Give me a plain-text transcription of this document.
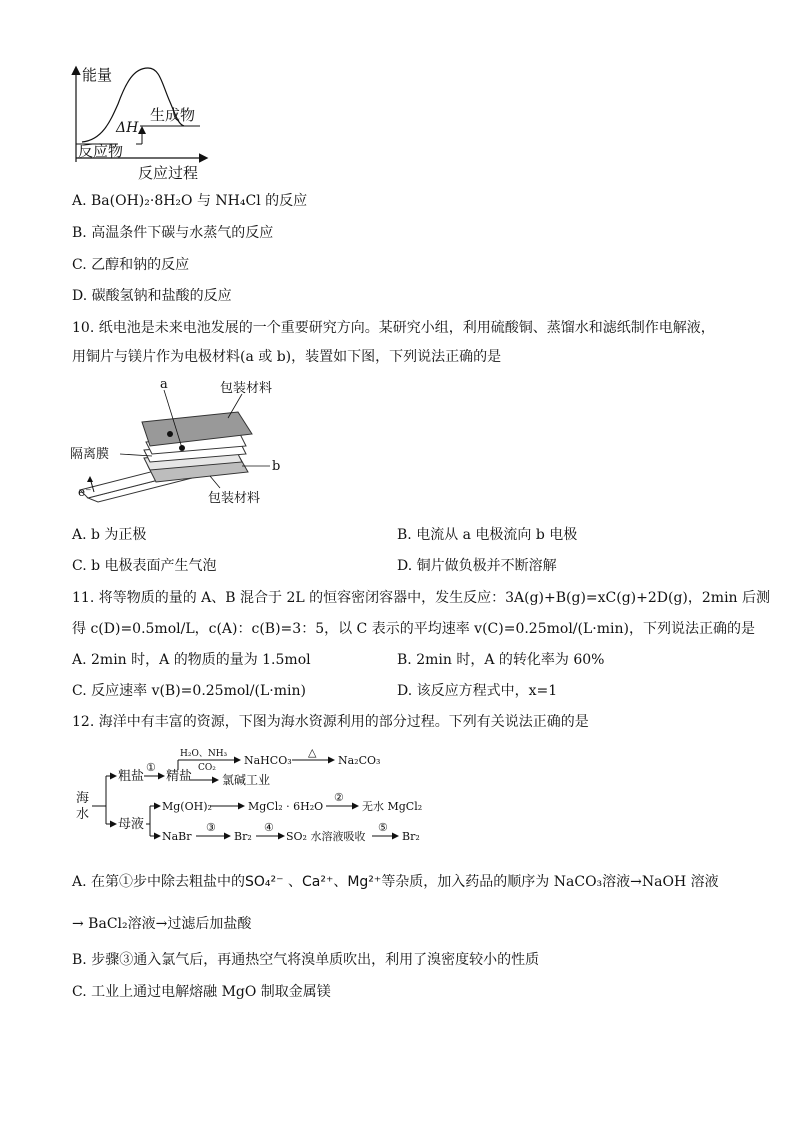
能量
ΔH
生成物
反应物
反应过程
A. Ba(OH)₂·8H₂O 与 NH₄Cl 的反应
B. 高温条件下碳与水蒸气的反应
C. 乙醇和钠的反应
D. 碳酸氢钠和盐酸的反应
10. 纸电池是未来电池发展的一个重要研究方向。某研究小组，利用硫酸铜、蒸馏水和滤纸制作电解液，
用铜片与镁片作为电极材料(a 或 b)，装置如下图，下列说法正确的是
a	包装材料
隔离膜
b
e⁻	包装材料
A. b 为正极	B. 电流从 a 电极流向 b 电极
C. b 电极表面产生气泡	D. 铜片做负极并不断溶解
11. 将等物质的量的 A、B 混合于 2L 的恒容密闭容器中，发生反应：3A(g)+B(g)=xC(g)+2D(g)，2min 后测
得 c(D)=0.5mol/L，c(A)：c(B)=3：5，以 C 表示的平均速率 v(C)=0.25mol/(L·min)，下列说法正确的是
A. 2min 时，A 的物质的量为 1.5mol	B. 2min 时，A 的转化率为 60%
C. 反应速率 v(B)=0.25mol/(L·min)	D. 该反应方程式中，x=1
12. 海洋中有丰富的资源，下图为海水资源利用的部分过程。下列有关说法正确的是
海
水
粗盐
①
精盐
H₂O、NH₃
CO₂
NaHCO₃
△
Na₂CO₃
氯碱工业
母液
Mg(OH)₂	MgCl₂ · 6H₂O
②
无水 MgCl₂
NaBr
③
Br₂
④
SO₂ 水溶液吸收
⑤
Br₂
A. 在第①步中除去粗盐中的SO₄²⁻ 、Ca²⁺、Mg²⁺等杂质，加入药品的顺序为 NaCO₃溶液→NaOH 溶液
→ BaCl₂溶液→过滤后加盐酸
B. 步骤③通入氯气后，再通热空气将溴单质吹出，利用了溴密度较小的性质
C. 工业上通过电解熔融 MgO 制取金属镁
